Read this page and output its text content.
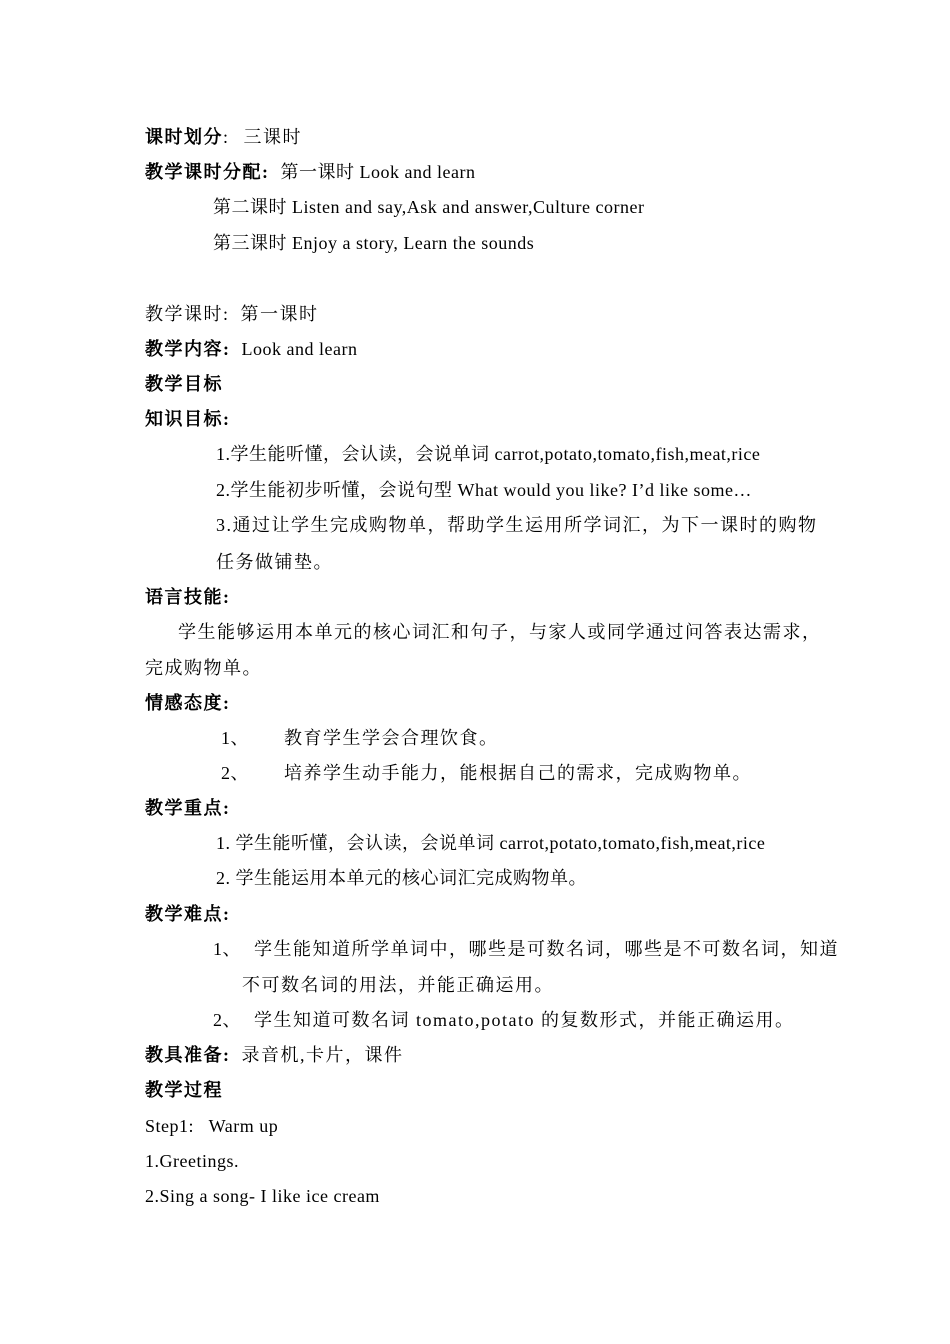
课时划分: 三课时
教学课时分配: 第一课时 Look and learn
第二课时 Listen and say,Ask and answer,Culture corner
第三课时 Enjoy a story, Learn the sounds
教学课时: 第一课时
教学内容: Look and learn
教学目标
知识目标:
1.学生能听懂，会认读，会说单词 carrot,potato,tomato,fish,meat,rice
2.学生能初步听懂，会说句型 What would you like? I’d like some…
3.通过让学生完成购物单，帮助学生运用所学词汇，为下一课时的购物
任务做铺垫。
语言技能:
学生能够运用本单元的核心词汇和句子，与家人或同学通过问答表达需求，
完成购物单。
情感态度:
1、 教育学生学会合理饮食。
2、 培养学生动手能力，能根据自己的需求，完成购物单。
教学重点:
1. 学生能听懂，会认读，会说单词 carrot,potato,tomato,fish,meat,rice
2. 学生能运用本单元的核心词汇完成购物单。
教学难点:
1、 学生能知道所学单词中，哪些是可数名词，哪些是不可数名词，知道
不可数名词的用法，并能正确运用。
2、 学生知道可数名词 tomato,potato 的复数形式，并能正确运用。
教具准备: 录音机,卡片，课件
教学过程
Step1:   Warm up
1.Greetings.
2.Sing a song- I like ice cream
